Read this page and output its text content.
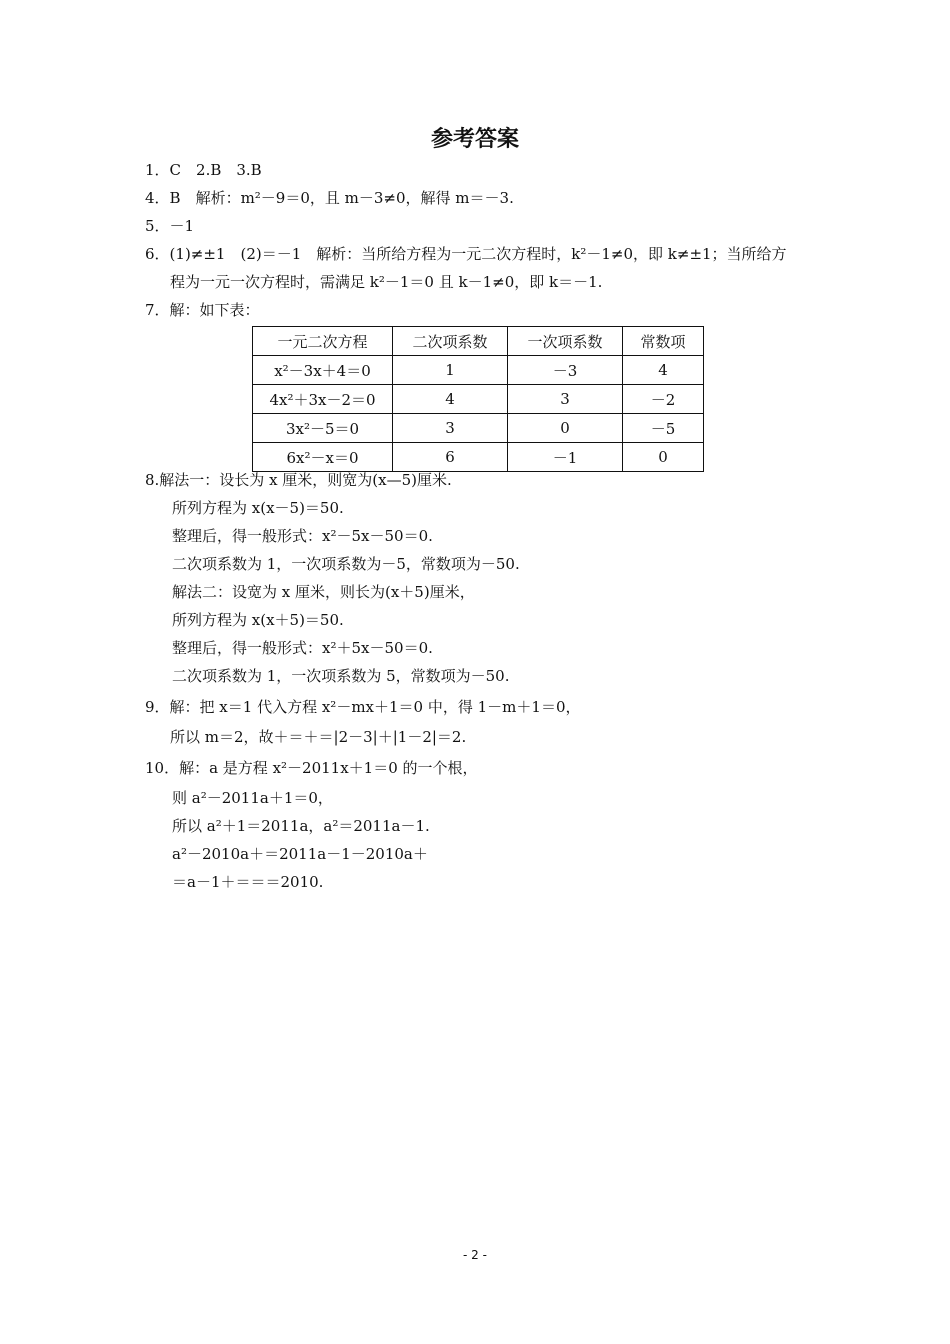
参考答案
1．C　2.B　3.B
4．B　解析：m²－9＝0，且 m－3≠0，解得 m＝－3.
5．－1
6．(1)≠±1　(2)＝－1　解析：当所给方程为一元二次方程时，k²－1≠0，即 k≠±1；当所给方
程为一元一次方程时，需满足 k²－1＝0 且 k－1≠0，即 k＝－1.
7．解：如下表：
一元二次方程	二次项系数	一次项系数	常数项
x²－3x＋4＝0	1	－3	4
4x²＋3x－2＝0	4	3	－2
3x²－5＝0	3	0	－5
6x²－x＝0	6	－1	0
8.解法一：设长为 x 厘米，则宽为(x—5)厘米.
所列方程为 x(x－5)＝50.
整理后，得一般形式：x²－5x－50＝0.
二次项系数为 1，一次项系数为－5，常数项为－50.
解法二：设宽为 x 厘米，则长为(x＋5)厘米，
所列方程为 x(x＋5)＝50.
整理后，得一般形式：x²＋5x－50＝0.
二次项系数为 1，一次项系数为 5，常数项为－50.
9．解：把 x＝1 代入方程 x²－mx＋1＝0 中，得 1－m＋1＝0，
所以 m＝2，故＋＝＋＝|2－3|＋|1－2|＝2.
10．解：a 是方程 x²－2011x＋1＝0 的一个根，
则 a²－2011a＋1＝0，
所以 a²＋1＝2011a，a²＝2011a－1.
a²－2010a＋＝2011a－1－2010a＋
＝a－1＋＝＝＝2010.
- 2 -
